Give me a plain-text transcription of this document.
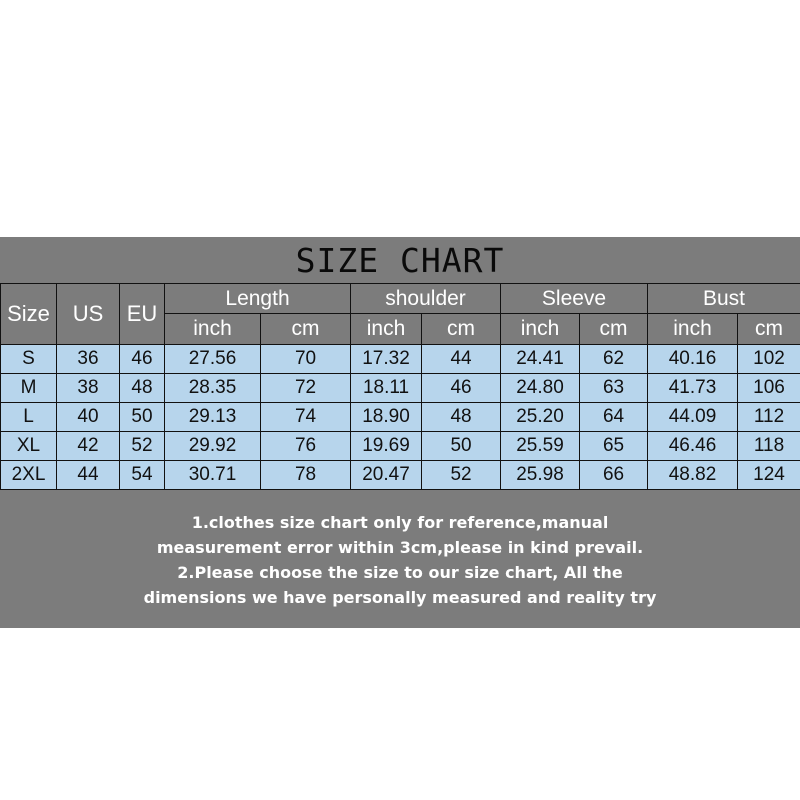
SIZE CHART
Size	US	EU	Length		shoulder		Sleeve		Bust	
			inch	cm	inch	cm	inch	cm	inch	cm
S	36	46	27.56	70	17.32	44	24.41	62	40.16	102
M	38	48	28.35	72	18.11	46	24.80	63	41.73	106
L	40	50	29.13	74	18.90	48	25.20	64	44.09	112
XL	42	52	29.92	76	19.69	50	25.59	65	46.46	118
2XL	44	54	30.71	78	20.47	52	25.98	66	48.82	124
1.clothes size chart only for reference,manual
measurement error within 3cm,please in kind prevail.
2.Please choose the size to our size chart, All the
dimensions we have personally measured and reality try
